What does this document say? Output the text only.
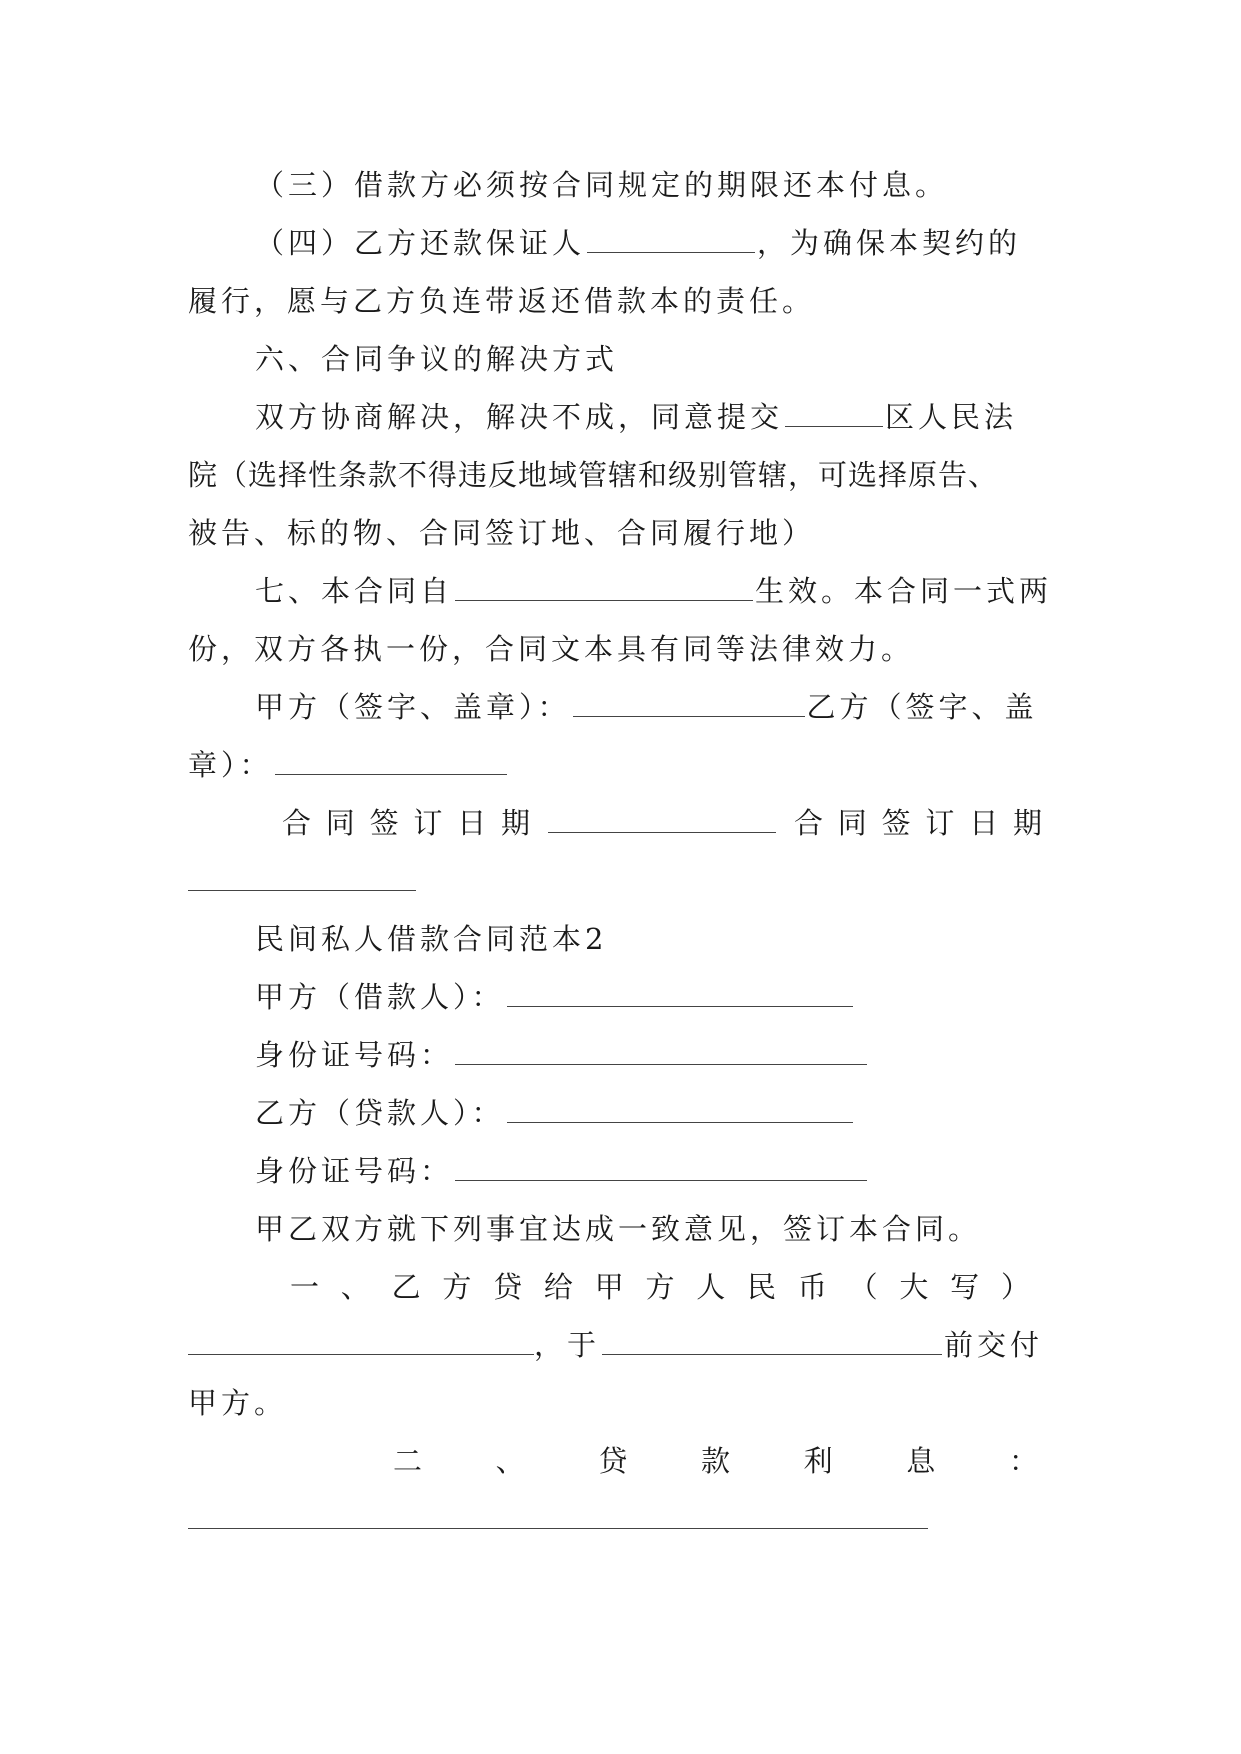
（三）借款方必须按合同规定的期限还本付息。
（四）乙方还款保证人	，为确保本契约的
履行，愿与乙方负连带返还借款本的责任。
六、合同争议的解决方式
双方协商解决，解决不成，同意提交	区人民法
院（选择性条款不得违反地域管辖和级别管辖，可选择原告、
被告、标的物、合同签订地、合同履行地）
七、本合同自	生效。本合同一式两
份，双方各执一份，合同文本具有同等法律效力。
甲方（签字、盖章）：	乙方（签字、盖
章）：
合 同 签 订 日 期	合 同 签 订 日 期
民间私人借款合同范本2
甲方（借款人）：
身份证号码：
乙方（贷款人）：
身份证号码：
甲乙双方就下列事宜达成一致意见，签订本合同。
一 、 乙 方 贷 给 甲 方 人 民 币 （ 大 写 ）
，于	前交付
甲方。
二	、	贷	款	利	息	：
